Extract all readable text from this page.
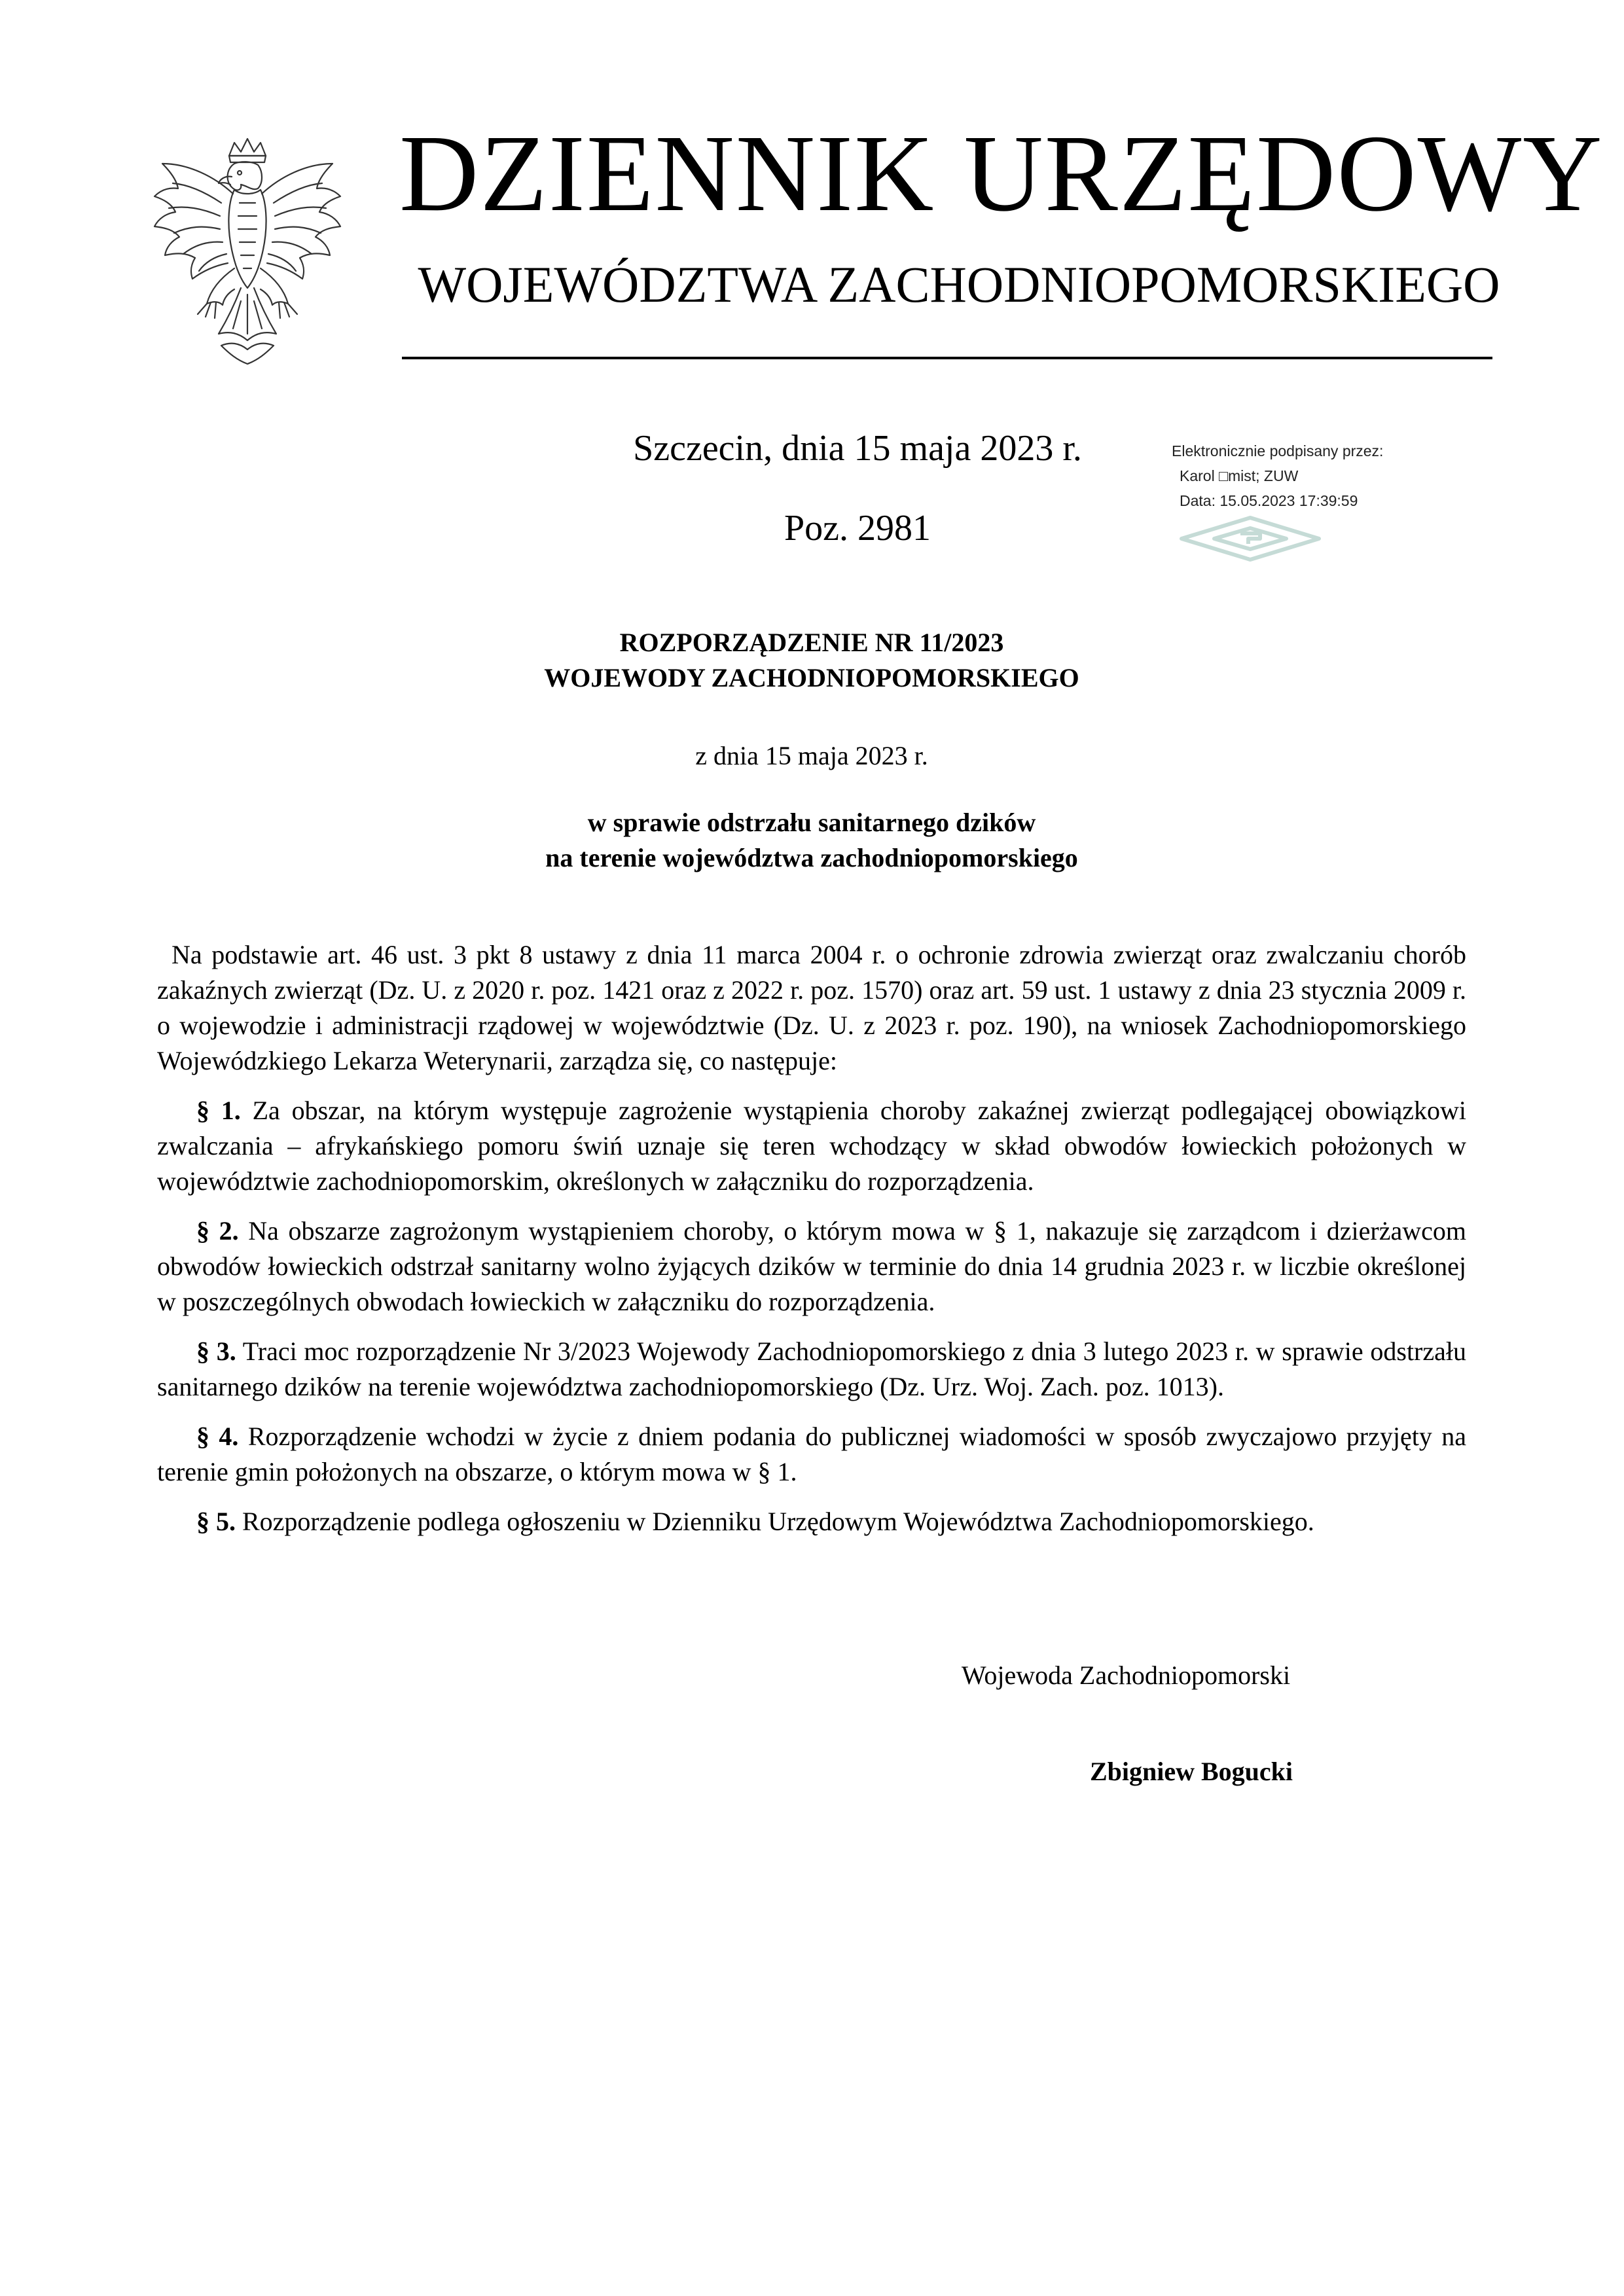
DZIENNIK URZĘDOWY
WOJEWÓDZTWA ZACHODNIOPOMORSKIEGO
Szczecin, dnia 15 maja 2023 r.
Poz. 2981
Elektronicznie podpisany przez:
Karol □mist; ZUW
Data: 15.05.2023 17:39:59
ROZPORZĄDZENIE NR 11/2023
WOJEWODY ZACHODNIOPOMORSKIEGO
z dnia 15 maja 2023 r.
w sprawie odstrzału sanitarnego dzików
na terenie województwa zachodniopomorskiego

Na podstawie art. 46 ust. 3 pkt 8 ustawy z dnia 11 marca 2004 r. o ochronie zdrowia zwierząt oraz zwalczaniu chorób zakaźnych zwierząt (Dz. U. z 2020 r. poz. 1421 oraz z 2022 r. poz. 1570) oraz art. 59 ust. 1 ustawy z dnia 23 stycznia 2009 r. o wojewodzie i administracji rządowej w województwie (Dz. U. z 2023 r. poz. 190), na wniosek Zachodniopomorskiego Wojewódzkiego Lekarza Weterynarii, zarządza się, co następuje:

§ 1. Za obszar, na którym występuje zagrożenie wystąpienia choroby zakaźnej zwierząt podlegającej obowiązkowi zwalczania – afrykańskiego pomoru świń uznaje się teren wchodzący w skład obwodów łowieckich położonych w województwie zachodniopomorskim, określonych w załączniku do rozporządzenia.

§ 2. Na obszarze zagrożonym wystąpieniem choroby, o którym mowa w § 1, nakazuje się zarządcom i dzierżawcom obwodów łowieckich odstrzał sanitarny wolno żyjących dzików w terminie do dnia 14 grudnia 2023 r. w liczbie określonej w poszczególnych obwodach łowieckich w załączniku do rozporządzenia.

§ 3. Traci moc rozporządzenie Nr 3/2023 Wojewody Zachodniopomorskiego z dnia 3 lutego 2023 r. w sprawie odstrzału sanitarnego dzików na terenie województwa zachodniopomorskiego (Dz. Urz. Woj. Zach. poz. 1013).

§ 4. Rozporządzenie wchodzi w życie z dniem podania do publicznej wiadomości w sposób zwyczajowo przyjęty na terenie gmin położonych na obszarze, o którym mowa w § 1.

§ 5. Rozporządzenie podlega ogłoszeniu w Dzienniku Urzędowym Województwa Zachodniopomorskiego.

Wojewoda Zachodniopomorski
Zbigniew Bogucki
